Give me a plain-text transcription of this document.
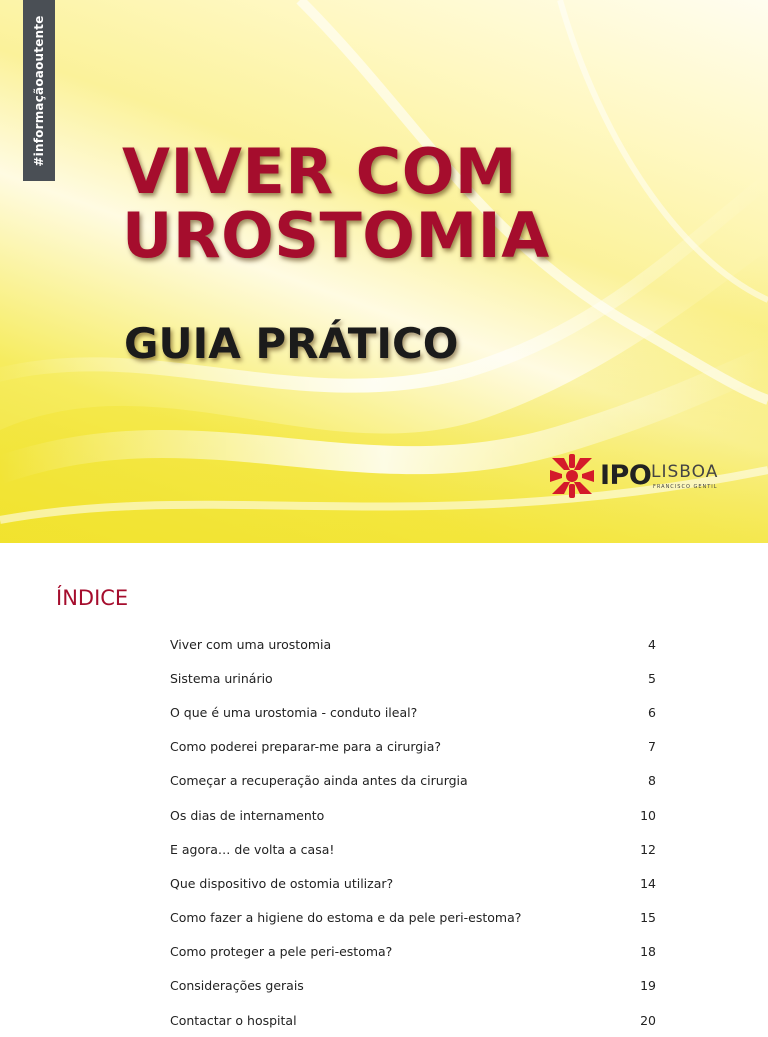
#informaçãoaoutente
VIVER COM
UROSTOMIA
GUIA PRÁTICO
IPO LISBOA
FRANCISCO GENTIL
ÍNDICE
Viver com uma urostomia	4
Sistema urinário	5
O que é uma urostomia - conduto ileal?	6
Como poderei preparar-me para a cirurgia?	7
Começar a recuperação ainda antes da cirurgia	8
Os dias de internamento	10
E agora… de volta a casa!	12
Que dispositivo de ostomia utilizar?	14
Como fazer a higiene do estoma e da pele peri-estoma?	15
Como proteger a pele peri-estoma?	18
Considerações gerais	19
Contactar o hospital	20
